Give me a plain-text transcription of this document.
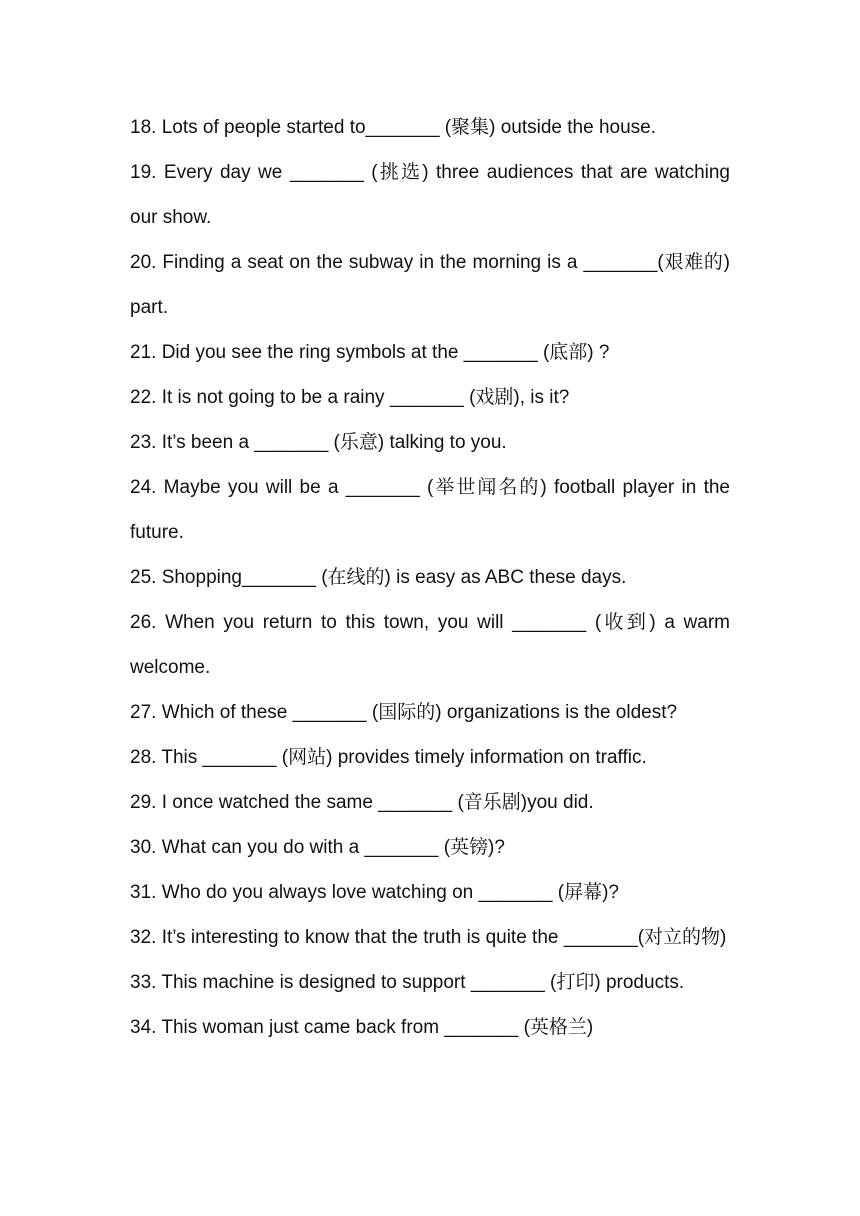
18. Lots of people started to_______ (聚集) outside the house.

19. Every day we _______ (挑选) three audiences that are watching our show.

20. Finding a seat on the subway in the morning is a _______(艰难的) part.

21. Did you see the ring symbols at the _______ (底部) ?

22. It is not going to be a rainy _______ (戏剧), is it?

23. It’s been a _______ (乐意) talking to you.

24. Maybe you will be a _______ (举世闻名的) football player in the future.

25. Shopping_______ (在线的) is easy as ABC these days.

26. When you return to this town, you will _______ (收到) a warm welcome.

27. Which of these _______ (国际的) organizations is the oldest?

28. This _______ (网站) provides timely information on traffic.

29. I once watched the same _______ (音乐剧)you did.

30. What can you do with a _______ (英镑)?

31. Who do you always love watching on _______ (屏幕)?

32. It’s interesting to know that the truth is quite the _______(对立的物)

33. This machine is designed to support _______ (打印) products.

34. This woman just came back from _______ (英格兰)
